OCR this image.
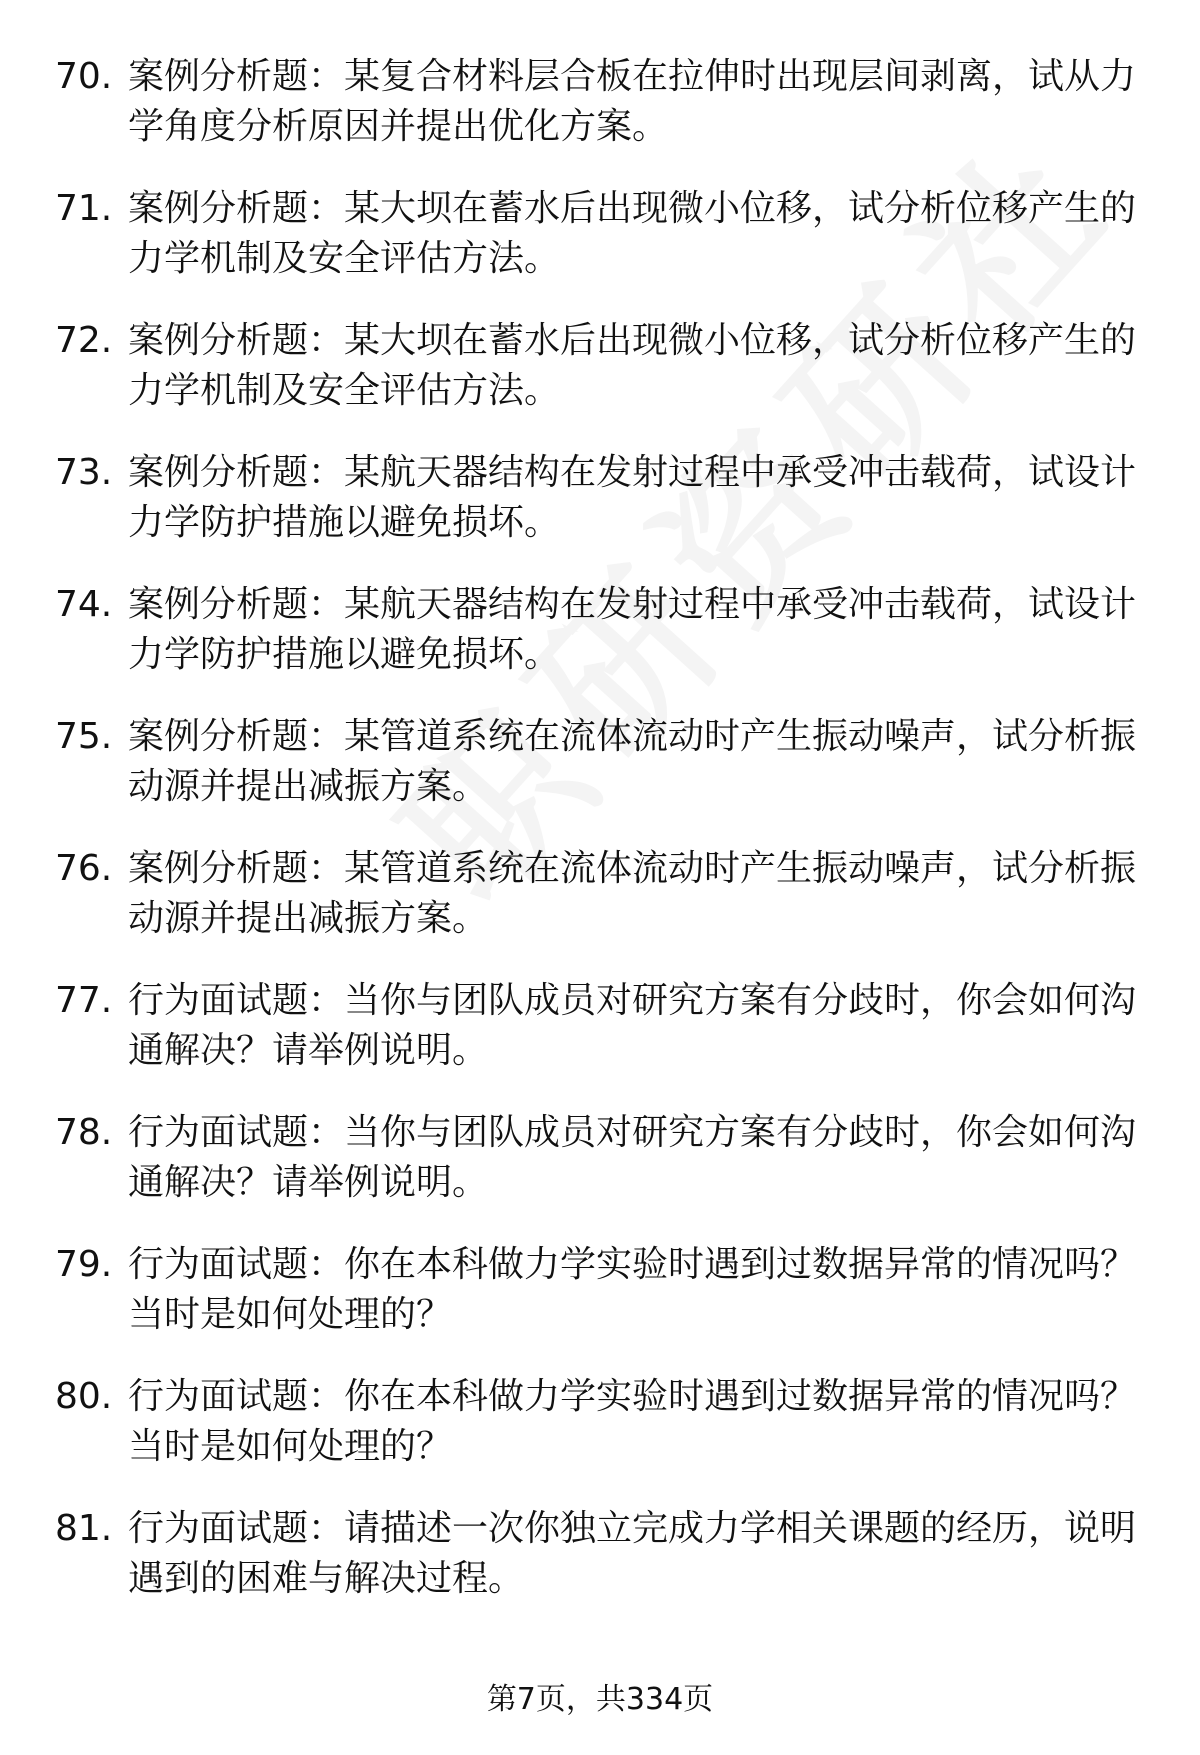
70. 案例分析题：某复合材料层合板在拉伸时出现层间剥离，试从力学角度分析原因并提出优化方案。
71. 案例分析题：某大坝在蓄水后出现微小位移，试分析位移产生的力学机制及安全评估方法。
72. 案例分析题：某大坝在蓄水后出现微小位移，试分析位移产生的力学机制及安全评估方法。
73. 案例分析题：某航天器结构在发射过程中承受冲击载荷，试设计力学防护措施以避免损坏。
74. 案例分析题：某航天器结构在发射过程中承受冲击载荷，试设计力学防护措施以避免损坏。
75. 案例分析题：某管道系统在流体流动时产生振动噪声，试分析振动源并提出减振方案。
76. 案例分析题：某管道系统在流体流动时产生振动噪声，试分析振动源并提出减振方案。
77. 行为面试题：当你与团队成员对研究方案有分歧时，你会如何沟通解决？请举例说明。
78. 行为面试题：当你与团队成员对研究方案有分歧时，你会如何沟通解决？请举例说明。
79. 行为面试题：你在本科做力学实验时遇到过数据异常的情况吗？当时是如何处理的？
80. 行为面试题：你在本科做力学实验时遇到过数据异常的情况吗？当时是如何处理的？
81. 行为面试题：请描述一次你独立完成力学相关课题的经历，说明遇到的困难与解决过程。
第7页，共334页
